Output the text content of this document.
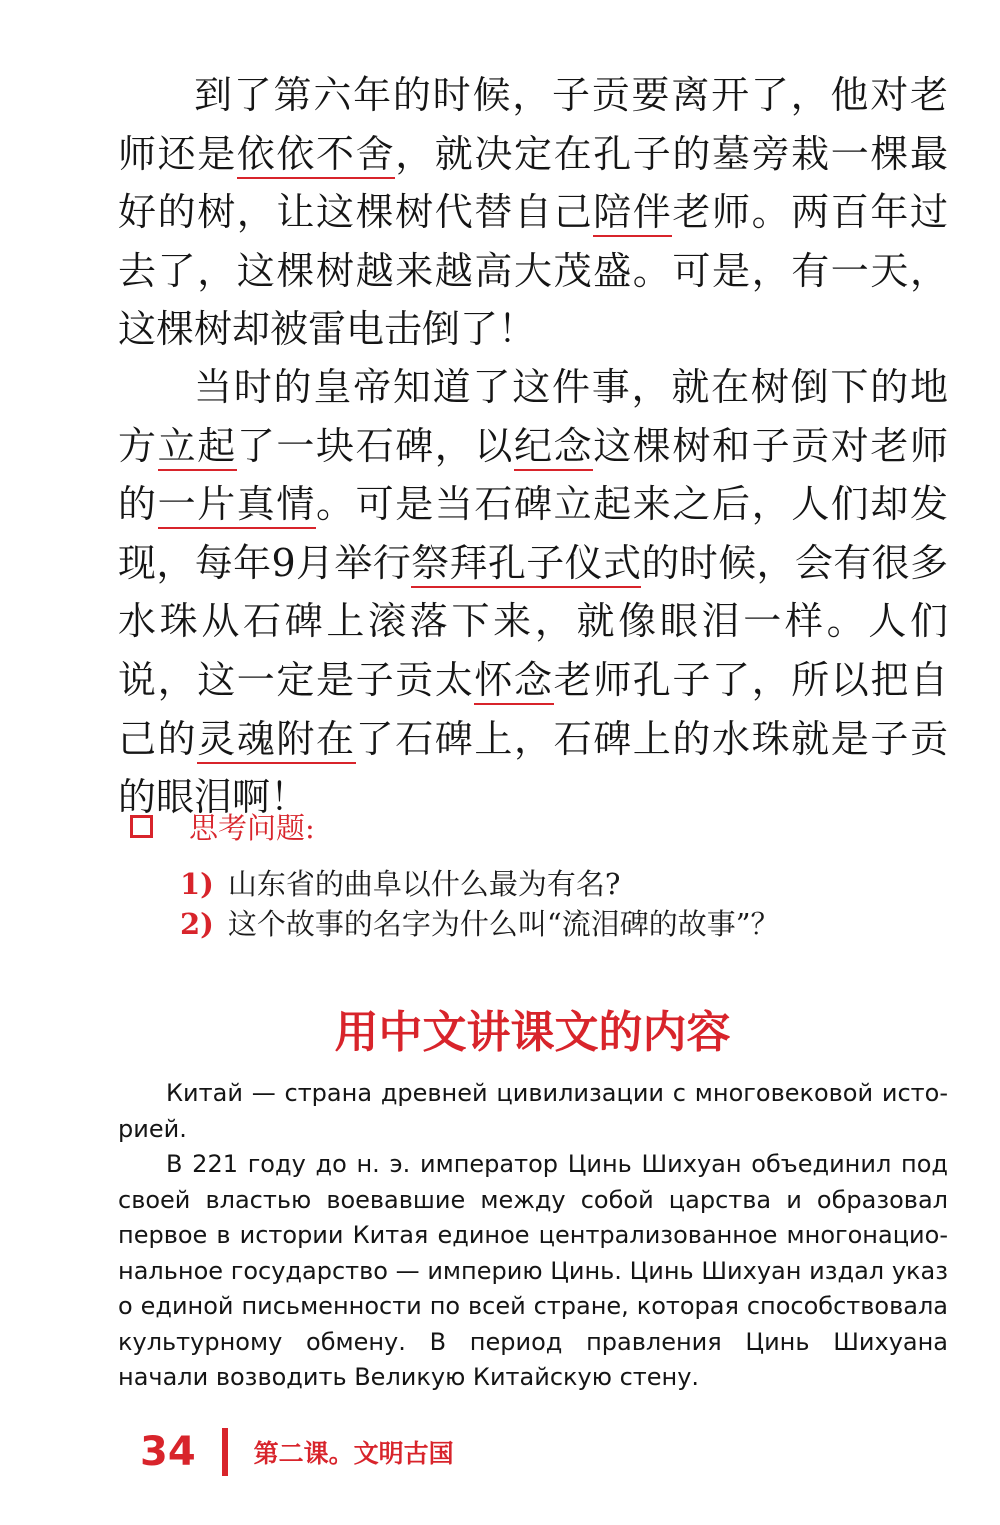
到了第六年的时候，子贡要离开了，他对老师还是依依不舍，就决定在孔子的墓旁栽一棵最好的树，让这棵树代替自己陪伴老师。两百年过去了，这棵树越来越高大茂盛。可是，有一天，这棵树却被雷电击倒了！

当时的皇帝知道了这件事，就在树倒下的地方立起了一块石碑，以纪念这棵树和子贡对老师的一片真情。可是当石碑立起来之后，人们却发现，每年9月举行祭拜孔子仪式的时候，会有很多水珠从石碑上滚落下来，就像眼泪一样。人们说，这一定是子贡太怀念老师孔子了，所以把自己的灵魂附在了石碑上，石碑上的水珠就是子贡的眼泪啊！

思考问题:
1) 山东省的曲阜以什么最为有名?
2) 这个故事的名字为什么叫“流泪碑的故事”？
用中文讲课文的内容

Китай — страна древней цивилизации с многовековой истoрией.

В 221 году до н. э. император Цинь Шихуан объединил под своей властью воевавшие между собой царства и образовал первое в истории Китая единое централизованное многонациональное государство — империю Цинь. Цинь Шихуан издал указ о единой письменности по всей стране, которая способствовала культурному обмену. В период правления Цинь Шихуана начали возводить Великую Китайскую стену.

34 第二课。文明古国
